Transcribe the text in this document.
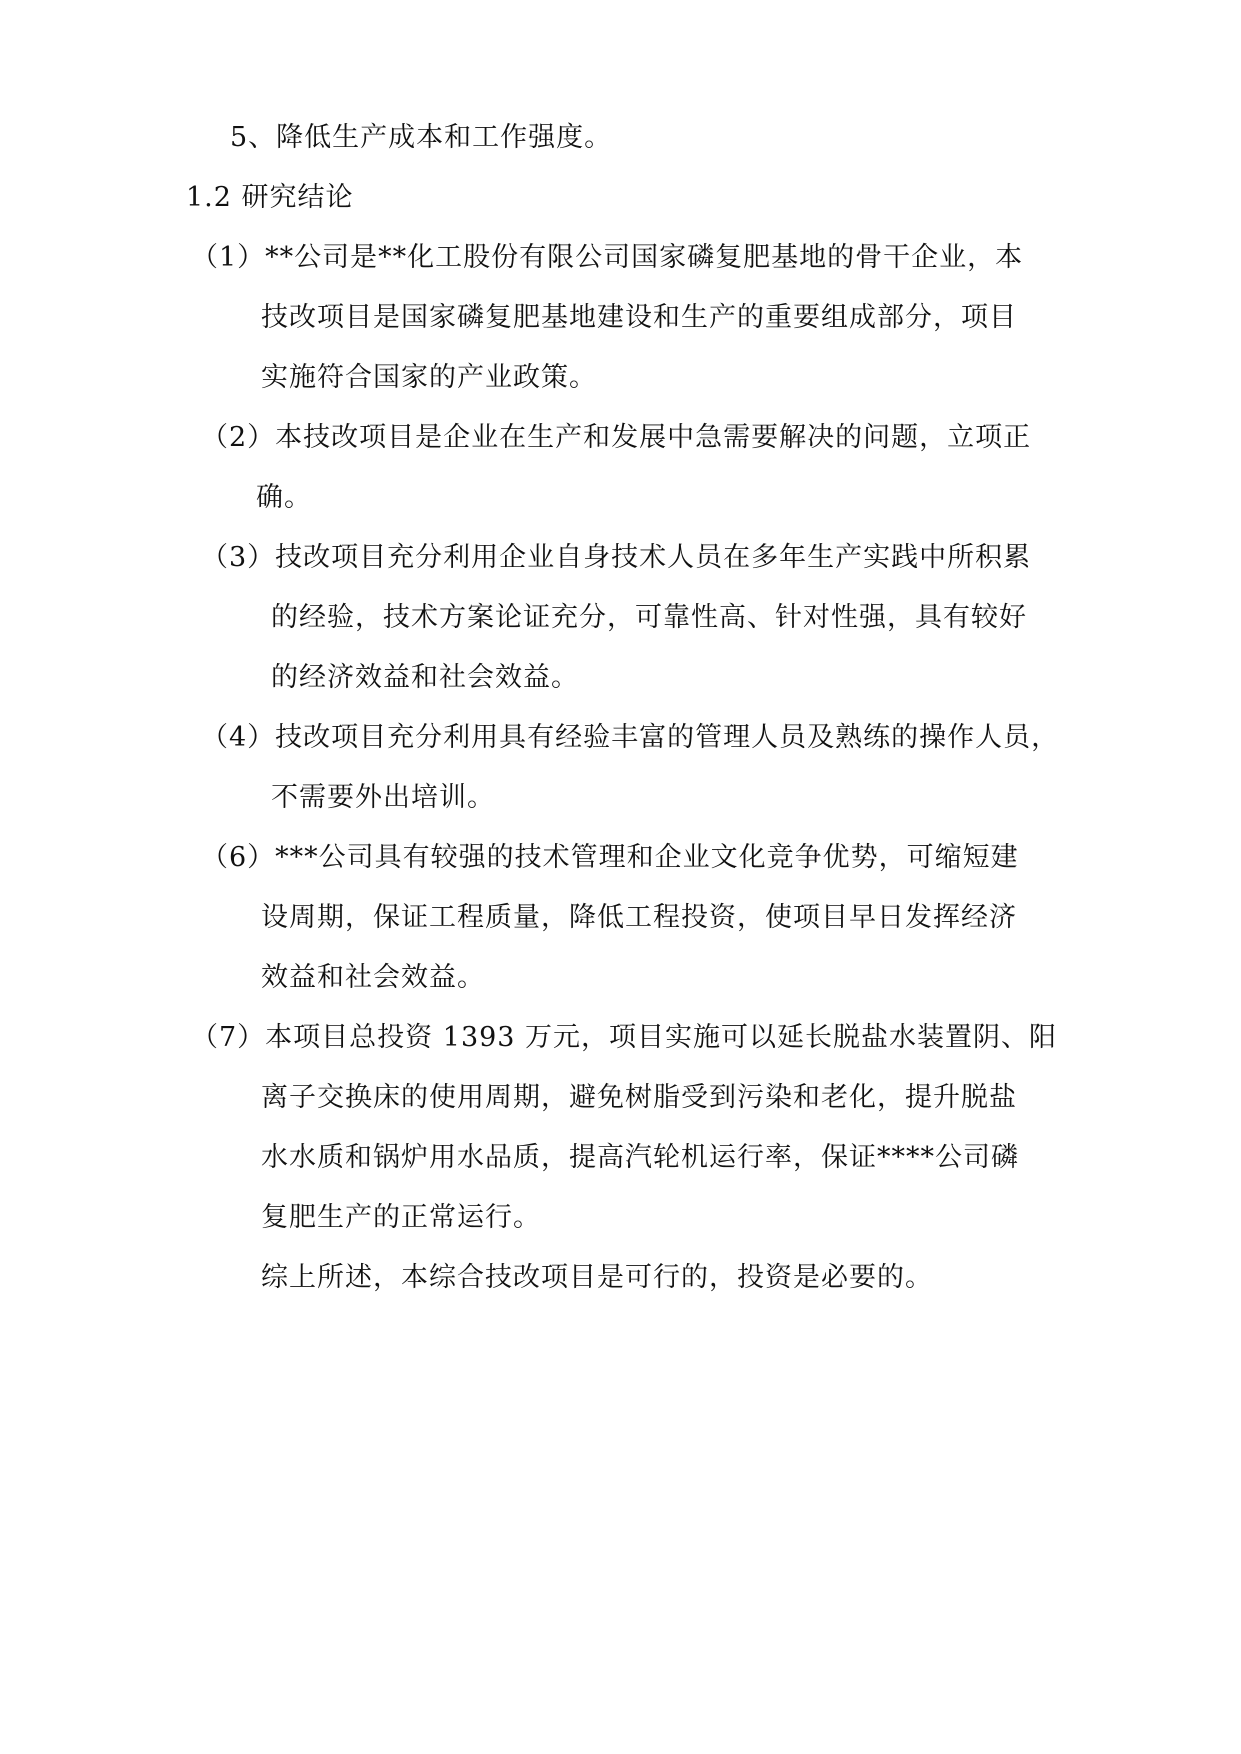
5、降低生产成本和工作强度。
1.2 研究结论
（1）**公司是**化工股份有限公司国家磷复肥基地的骨干企业，本
技改项目是国家磷复肥基地建设和生产的重要组成部分，项目
实施符合国家的产业政策。
（2）本技改项目是企业在生产和发展中急需要解决的问题，立项正
确。
（3）技改项目充分利用企业自身技术人员在多年生产实践中所积累
的经验，技术方案论证充分，可靠性高、针对性强，具有较好
的经济效益和社会效益。
（4）技改项目充分利用具有经验丰富的管理人员及熟练的操作人员，
不需要外出培训。
（6）***公司具有较强的技术管理和企业文化竞争优势，可缩短建
设周期，保证工程质量，降低工程投资，使项目早日发挥经济
效益和社会效益。
（7）本项目总投资 1393 万元，项目实施可以延长脱盐水装置阴、阳
离子交换床的使用周期，避免树脂受到污染和老化，提升脱盐
水水质和锅炉用水品质，提高汽轮机运行率，保证****公司磷
复肥生产的正常运行。
综上所述，本综合技改项目是可行的，投资是必要的。
